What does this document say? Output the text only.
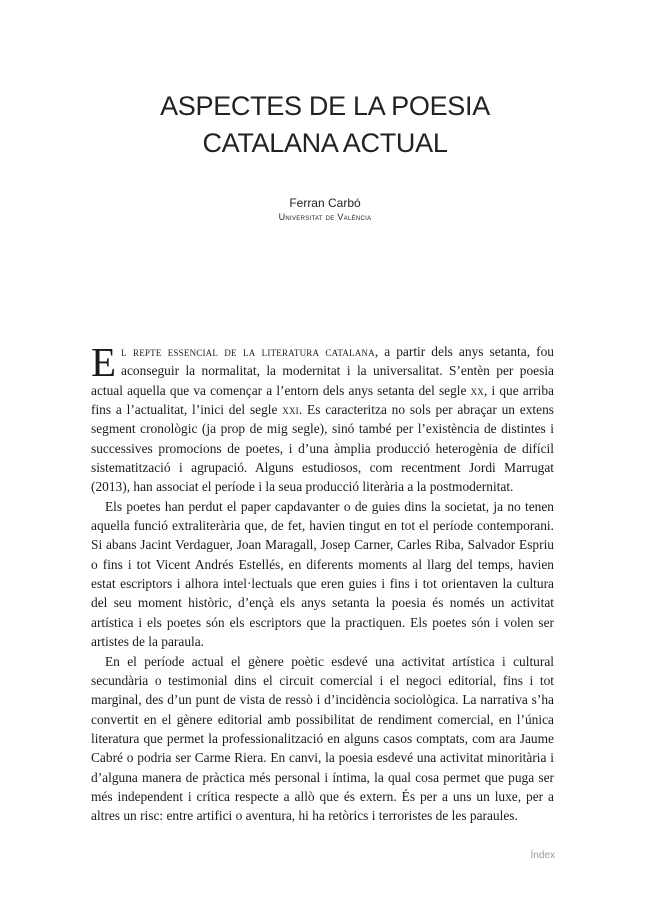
ASPECTES DE LA POESIA
CATALANA ACTUAL
Ferran Carbó
Universitat de València

El repte essencial de la literatura catalana, a partir dels anys setanta, fou aconseguir la normalitat, la modernitat i la universalitat. S’entèn per poesia actual aquella que va començar a l’entorn dels anys setanta del segle xx, i que arriba fins a l’actualitat, l’inici del segle xxi. Es caracteritza no sols per abraçar un extens segment cronològic (ja prop de mig segle), sinó també per l’existència de distintes i successives promocions de poetes, i d’una àmplia producció heterogènia de difícil sistematització i agrupació. Alguns estudiosos, com recentment Jordi Marrugat (2013), han associat el període i la seua producció literària a la postmodernitat.

Els poetes han perdut el paper capdavanter o de guies dins la societat, ja no tenen aquella funció extraliterària que, de fet, havien tingut en tot el període contemporani. Si abans Jacint Verdaguer, Joan Maragall, Josep Carner, Carles Riba, Salvador Espriu o fins i tot Vicent Andrés Estellés, en diferents moments al llarg del temps, havien estat escriptors i alhora intel·lectuals que eren guies i fins i tot orientaven la cultura del seu moment històric, d’ençà els anys setanta la poesia és només un activitat artística i els poetes són els escriptors que la practiquen. Els poetes són i volen ser artistes de la paraula.

En el període actual el gènere poètic esdevé una activitat artística i cultural secundària o testimonial dins el circuit comercial i el negoci editorial, fins i tot marginal, des d’un punt de vista de ressò i d’incidència sociològica. La narrativa s’ha convertit en el gènere editorial amb possibilitat de rendiment comercial, en l’única literatura que permet la professionalització en alguns casos comptats, com ara Jaume Cabré o podria ser Carme Riera. En canvi, la poesia esdevé una activitat minoritària i d’alguna manera de pràctica més personal i íntima, la qual cosa permet que puga ser més independent i crítica respecte a allò que és extern. És per a uns un luxe, per a altres un risc: entre artifici o aventura, hi ha retòrics i terroristes de les paraules.

Índex
